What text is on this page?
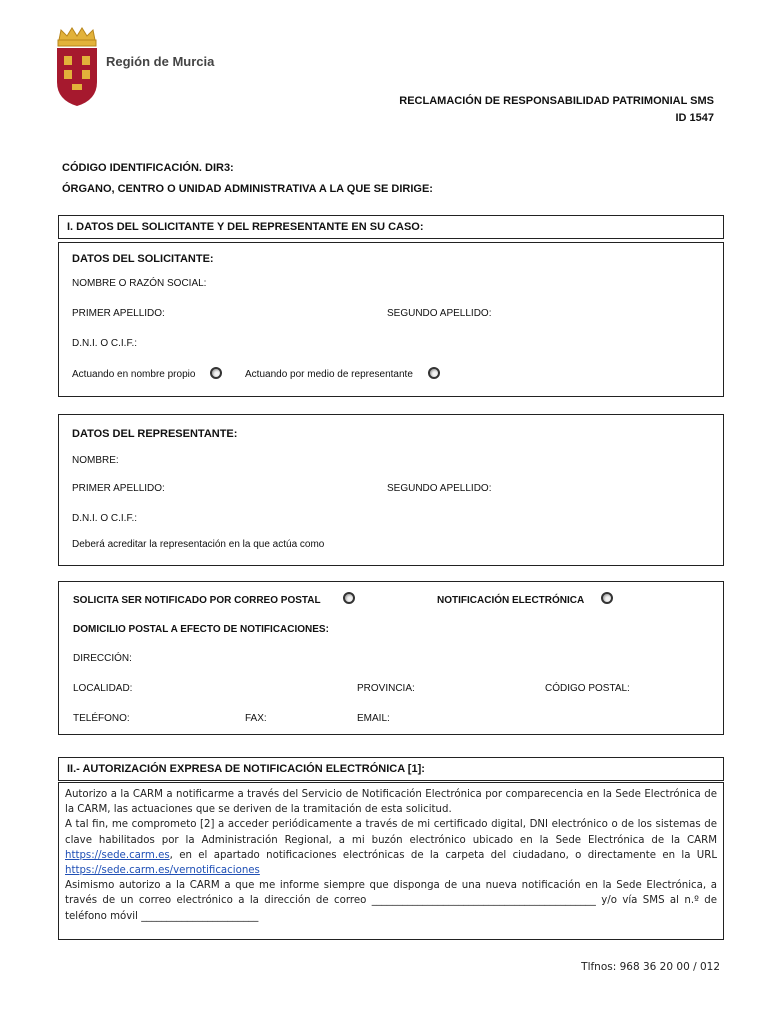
Región de Murcia
RECLAMACIÓN DE RESPONSABILIDAD PATRIMONIAL SMS
ID 1547
CÓDIGO IDENTIFICACIÓN. DIR3:
ÓRGANO, CENTRO O UNIDAD ADMINISTRATIVA A LA QUE SE DIRIGE:
I. DATOS DEL SOLICITANTE Y DEL REPRESENTANTE EN SU CASO:
DATOS DEL SOLICITANTE:
NOMBRE O RAZÓN SOCIAL:
PRIMER APELLIDO:	SEGUNDO APELLIDO:
D.N.I. O C.I.F.:
Actuando en nombre propio	Actuando por medio de representante
DATOS DEL REPRESENTANTE:
NOMBRE:
PRIMER APELLIDO:	SEGUNDO APELLIDO:
D.N.I. O C.I.F.:
Deberá acreditar la representación en la que actúa como
SOLICITA SER NOTIFICADO POR CORREO POSTAL	NOTIFICACIÓN ELECTRÓNICA
DOMICILIO POSTAL A EFECTO DE NOTIFICACIONES:
DIRECCIÓN:
LOCALIDAD:	PROVINCIA:	CÓDIGO POSTAL:
TELÉFONO:	FAX:	EMAIL:
II.- AUTORIZACIÓN EXPRESA DE NOTIFICACIÓN ELECTRÓNICA [1]:
Autorizo a la CARM a notificarme a través del Servicio de Notificación Electrónica por comparecencia en la Sede Electrónica de la CARM, las actuaciones que se deriven de la tramitación de esta solicitud.
A tal fin, me comprometo [2] a acceder periódicamente a través de mi certificado digital, DNI electrónico o de los sistemas de clave habilitados por la Administración Regional, a mi buzón electrónico ubicado en la Sede Electrónica de la CARM https://sede.carm.es, en el apartado notificaciones electrónicas de la carpeta del ciudadano, o directamente en la URL https://sede.carm.es/vernotificaciones
Asimismo autorizo a la CARM a que me informe siempre que disponga de una nueva notificación en la Sede Electrónica, a través de un correo electrónico a la dirección de correo ____________________________________________ y/o vía SMS al n.º de teléfono móvil _______________________
Tlfnos: 968 36 20 00 / 012
